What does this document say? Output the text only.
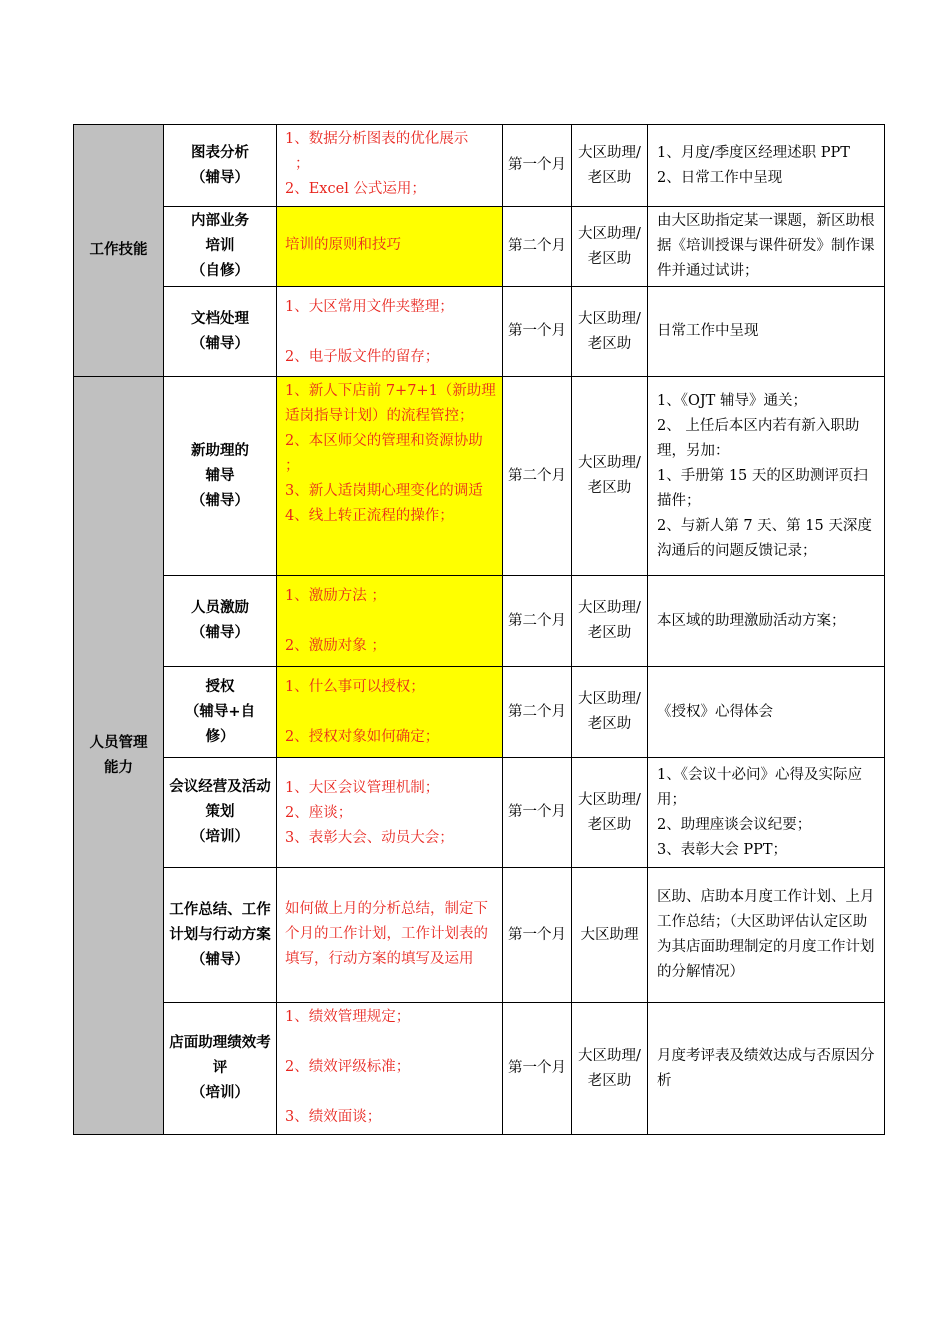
工作技能	图表分析
（辅导）	1、数据分析图表的优化展示
；
2、Excel 公式运用；	第一个月	大区助理/老区助	1、月度/季度区经理述职 PPT
2、日常工作中呈现

	内部业务
培训
（自修）	培训的原则和技巧	第二个月	大区助理/老区助	由大区助指定某一课题，新区助根据《培训授课与课件研发》制作课件并通过试讲；

	文档处理
（辅导）	1、大区常用文件夹整理；
2、电子版文件的留存；	第一个月	大区助理/老区助	日常工作中呈现

人员管理能力	新助理的
辅导
（辅导）	1、新人下店前 7+7+1（新助理适岗指导计划）的流程管控；
2、本区师父的管理和资源协助 ；
3、新人适岗期心理变化的调适
4、线上转正流程的操作；	第二个月	大区助理/老区助	1、《OJT 辅导》通关；
2、 上任后本区内若有新入职助理，另加：
1、手册第 15 天的区助测评页扫描件；
2、与新人第 7 天、第 15 天深度沟通后的问题反馈记录；

	人员激励
（辅导）	1、激励方法 ；
2、激励对象 ；	第二个月	大区助理/老区助	本区域的助理激励活动方案；

	授权
（辅导+自修）	1、什么事可以授权；
2、授权对象如何确定；	第二个月	大区助理/老区助	《授权》心得体会

	会议经营及活动策划
（培训）	1、大区会议管理机制；
2、座谈；
3、表彰大会、动员大会；	第一个月	大区助理/老区助	1、《会议十必问》心得及实际应用；
2、助理座谈会议纪要；
3、表彰大会 PPT；

	工作总结、工作计划与行动方案
（辅导）	如何做上月的分析总结，制定下个月的工作计划，工作计划表的填写，行动方案的填写及运用	第一个月	大区助理	区助、店助本月度工作计划、上月工作总结；（大区助评估认定区助为其店面助理制定的月度工作计划的分解情况）

	店面助理绩效考评
（培训）	1、绩效管理规定；
2、绩效评级标准；
3、绩效面谈；	第一个月	大区助理/老区助	月度考评表及绩效达成与否原因分析
